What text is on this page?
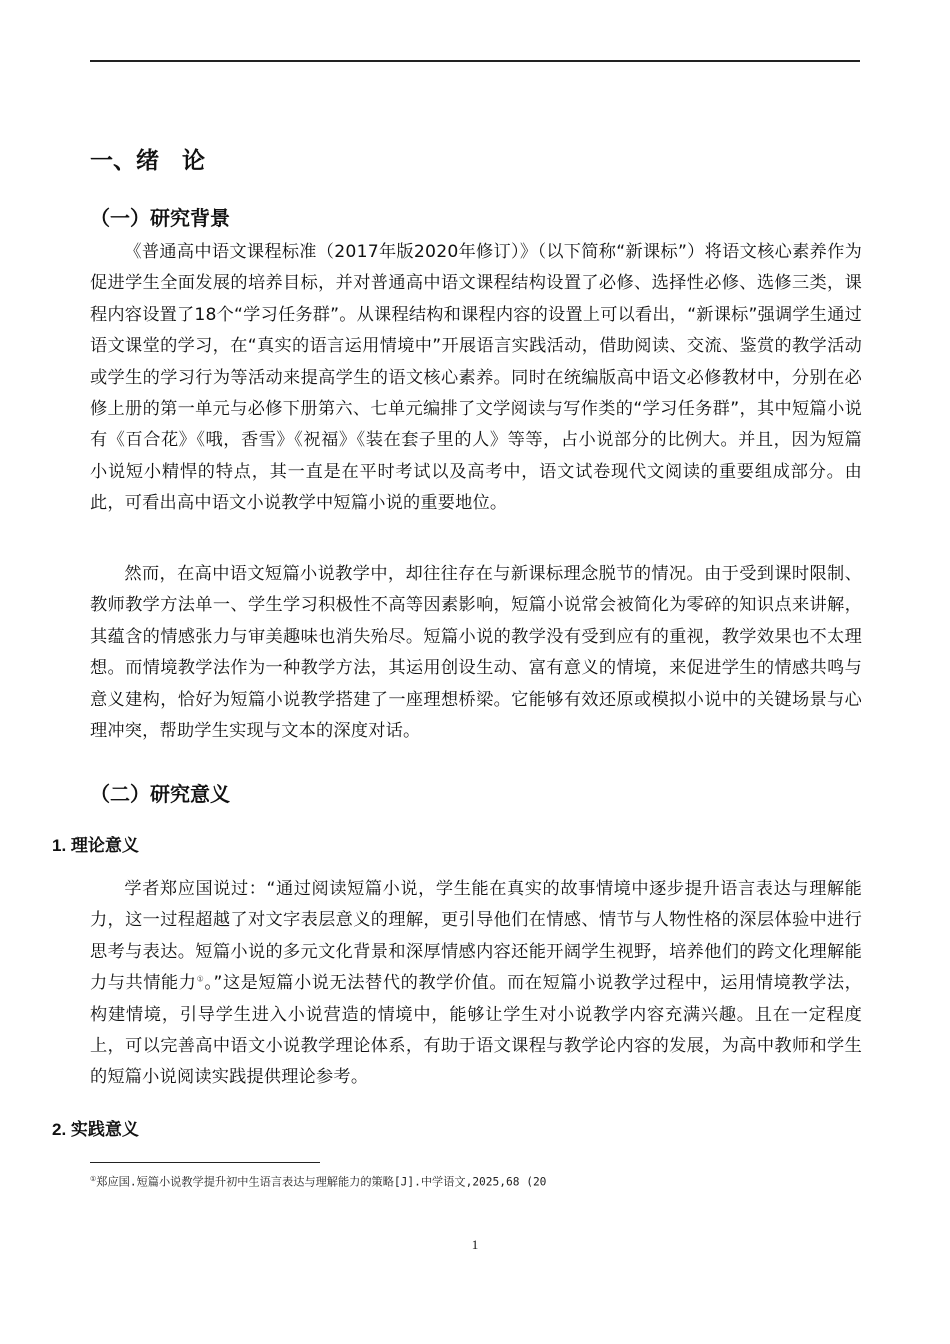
一、绪　论
（一）研究背景
《普通高中语文课程标准（2017年版2020年修订）》（以下简称“新课标”）将语文核心素养作为促进学生全面发展的培养目标，并对普通高中语文课程结构设置了必修、选择性必修、选修三类，课程内容设置了18个“学习任务群”。从课程结构和课程内容的设置上可以看出，“新课标”强调学生通过语文课堂的学习，在“真实的语言运用情境中”开展语言实践活动，借助阅读、交流、鉴赏的教学活动或学生的学习行为等活动来提高学生的语文核心素养。同时在统编版高中语文必修教材中，分别在必修上册的第一单元与必修下册第六、七单元编排了文学阅读与写作类的“学习任务群”，其中短篇小说有《百合花》《哦，香雪》《祝福》《装在套子里的人》等等，占小说部分的比例大。并且，因为短篇小说短小精悍的特点，其一直是在平时考试以及高考中，语文试卷现代文阅读的重要组成部分。由此，可看出高中语文小说教学中短篇小说的重要地位。
然而，在高中语文短篇小说教学中，却往往存在与新课标理念脱节的情况。由于受到课时限制、教师教学方法单一、学生学习积极性不高等因素影响，短篇小说常会被简化为零碎的知识点来讲解，其蕴含的情感张力与审美趣味也消失殆尽。短篇小说的教学没有受到应有的重视，教学效果也不太理想。而情境教学法作为一种教学方法，其运用创设生动、富有意义的情境，来促进学生的情感共鸣与意义建构，恰好为短篇小说教学搭建了一座理想桥梁。它能够有效还原或模拟小说中的关键场景与心理冲突，帮助学生实现与文本的深度对话。
（二）研究意义
1. 理论意义
学者郑应国说过：“通过阅读短篇小说，学生能在真实的故事情境中逐步提升语言表达与理解能力，这一过程超越了对文字表层意义的理解，更引导他们在情感、情节与人物性格的深层体验中进行思考与表达。短篇小说的多元文化背景和深厚情感内容还能开阔学生视野，培养他们的跨文化理解能力与共情能力①。”这是短篇小说无法替代的教学价值。而在短篇小说教学过程中，运用情境教学法，构建情境，引导学生进入小说营造的情境中，能够让学生对小说教学内容充满兴趣。且在一定程度上，可以完善高中语文小说教学理论体系，有助于语文课程与教学论内容的发展，为高中教师和学生的短篇小说阅读实践提供理论参考。
2. 实践意义
①郑应国.短篇小说教学提升初中生语言表达与理解能力的策略[J].中学语文,2025,68 (20
1
